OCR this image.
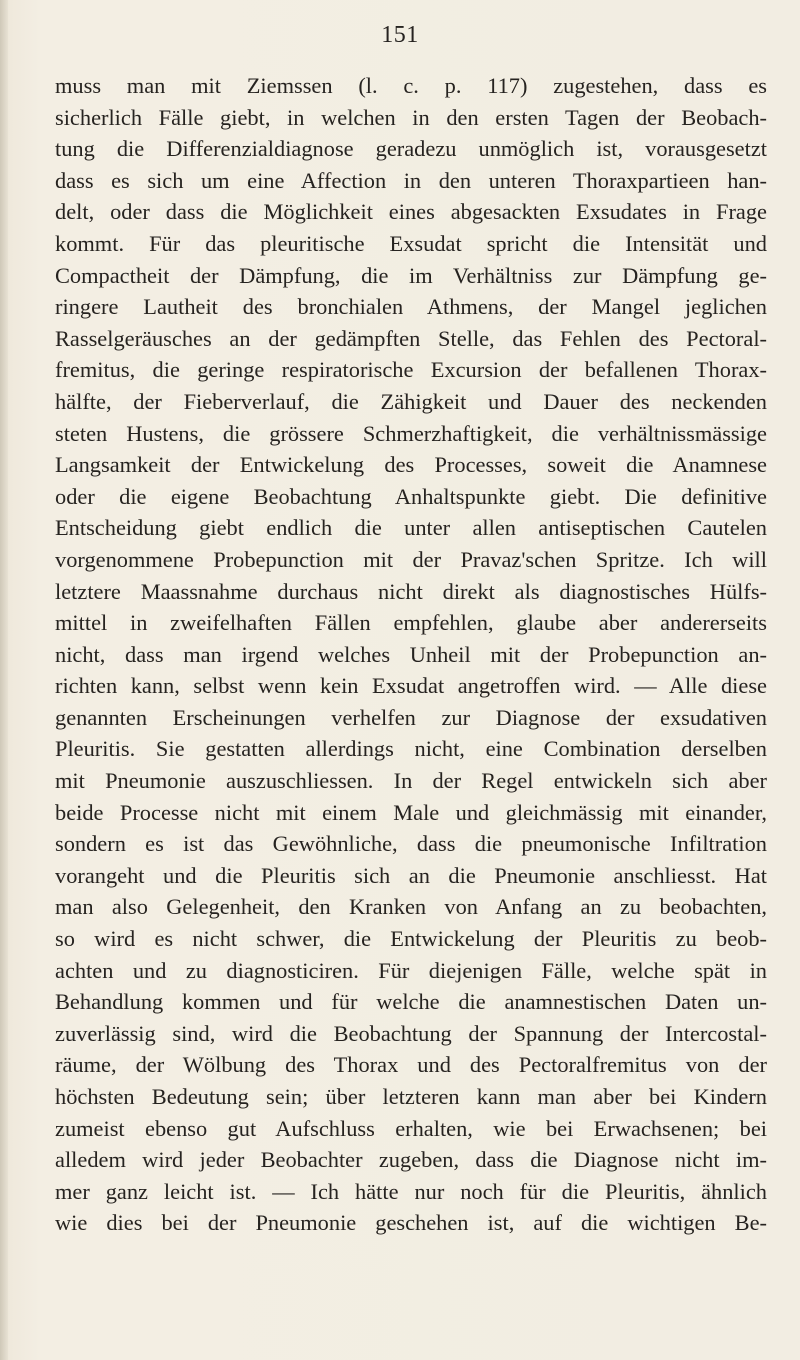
151
muss man mit Ziemssen (l. c. p. 117) zugestehen, dass es
sicherlich Fälle giebt, in welchen in den ersten Tagen der Beobach-
tung die Differenzialdiagnose geradezu unmöglich ist, vorausgesetzt
dass es sich um eine Affection in den unteren Thoraxpartieen han-
delt, oder dass die Möglichkeit eines abgesackten Exsudates in Frage
kommt. Für das pleuritische Exsudat spricht die Intensität und
Compactheit der Dämpfung, die im Verhältniss zur Dämpfung ge-
ringere Lautheit des bronchialen Athmens, der Mangel jeglichen
Rasselgeräusches an der gedämpften Stelle, das Fehlen des Pectoral-
fremitus, die geringe respiratorische Excursion der befallenen Thorax-
hälfte, der Fieberverlauf, die Zähigkeit und Dauer des neckenden
steten Hustens, die grössere Schmerzhaftigkeit, die verhältnissmässige
Langsamkeit der Entwickelung des Processes, soweit die Anamnese
oder die eigene Beobachtung Anhaltspunkte giebt. Die definitive
Entscheidung giebt endlich die unter allen antiseptischen Cautelen
vorgenommene Probepunction mit der Pravaz'schen Spritze. Ich will
letztere Maassnahme durchaus nicht direkt als diagnostisches Hülfs-
mittel in zweifelhaften Fällen empfehlen, glaube aber andererseits
nicht, dass man irgend welches Unheil mit der Probepunction an-
richten kann, selbst wenn kein Exsudat angetroffen wird. — Alle diese
genannten Erscheinungen verhelfen zur Diagnose der exsudativen
Pleuritis. Sie gestatten allerdings nicht, eine Combination derselben
mit Pneumonie auszuschliessen. In der Regel entwickeln sich aber
beide Processe nicht mit einem Male und gleichmässig mit einander,
sondern es ist das Gewöhnliche, dass die pneumonische Infiltration
vorangeht und die Pleuritis sich an die Pneumonie anschliesst. Hat
man also Gelegenheit, den Kranken von Anfang an zu beobachten,
so wird es nicht schwer, die Entwickelung der Pleuritis zu beob-
achten und zu diagnosticiren. Für diejenigen Fälle, welche spät in
Behandlung kommen und für welche die anamnestischen Daten un-
zuverlässig sind, wird die Beobachtung der Spannung der Intercostal-
räume, der Wölbung des Thorax und des Pectoralfremitus von der
höchsten Bedeutung sein; über letzteren kann man aber bei Kindern
zumeist ebenso gut Aufschluss erhalten, wie bei Erwachsenen; bei
alledem wird jeder Beobachter zugeben, dass die Diagnose nicht im-
mer ganz leicht ist. — Ich hätte nur noch für die Pleuritis, ähnlich
wie dies bei der Pneumonie geschehen ist, auf die wichtigen Be-
